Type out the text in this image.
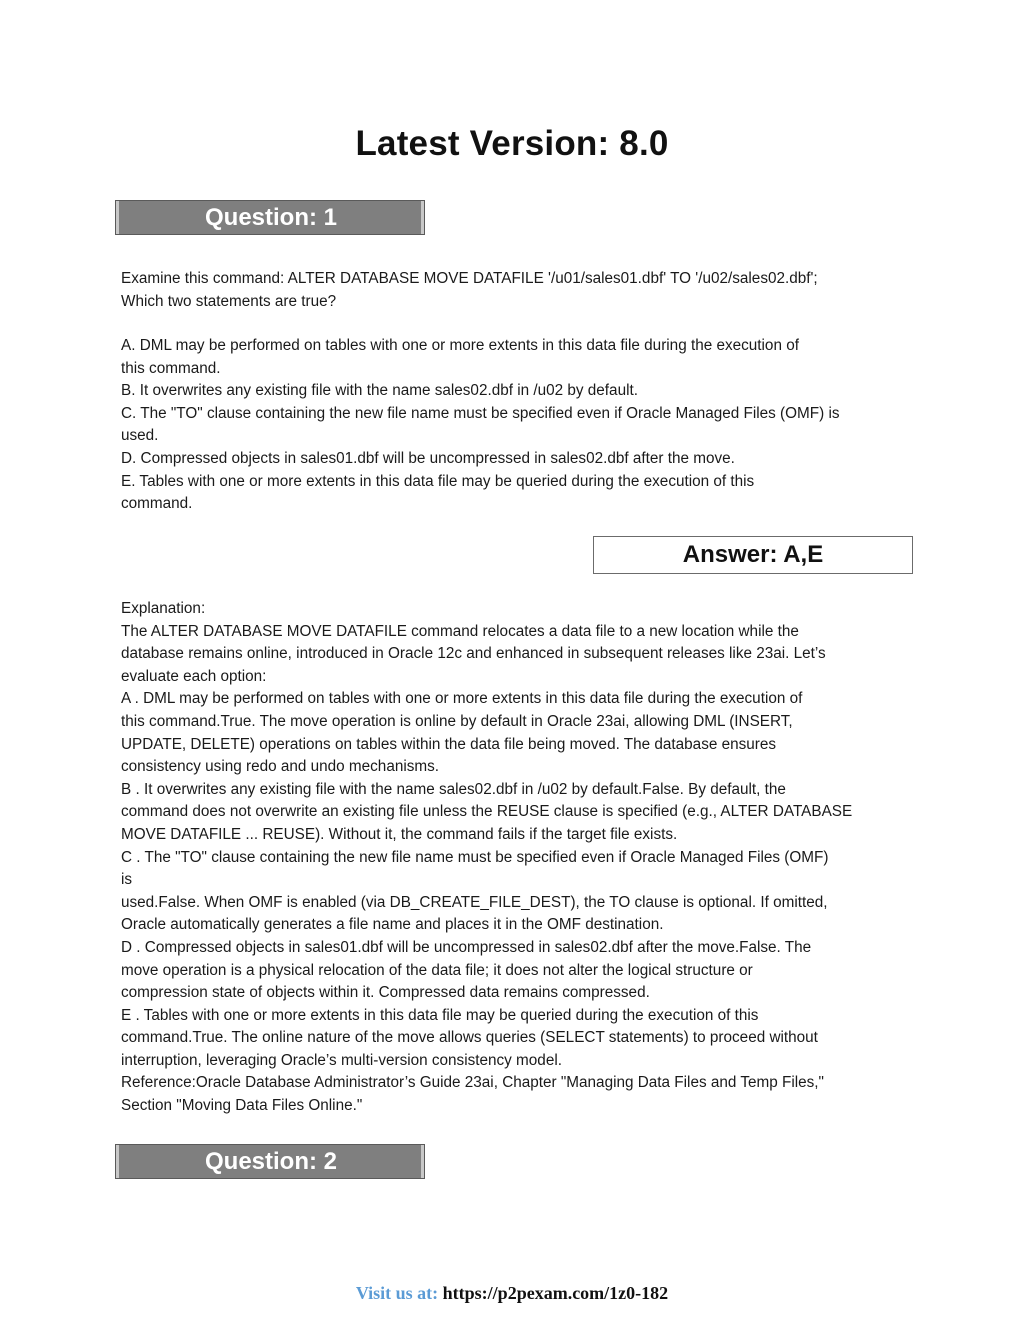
Latest Version: 8.0
Question: 1

Examine this command: ALTER DATABASE MOVE DATAFILE '/u01/sales01.dbf' TO '/u02/sales02.dbf';

Which two statements are true?

A. DML may be performed on tables with one or more extents in this data file during the execution of

this command.

B. It overwrites any existing file with the name sales02.dbf in /u02 by default.

C. The "TO" clause containing the new file name must be specified even if Oracle Managed Files (OMF) is

used.

D. Compressed objects in sales01.dbf will be uncompressed in sales02.dbf after the move.

E. Tables with one or more extents in this data file may be queried during the execution of this

command.

Answer: A,E

Explanation:

The ALTER DATABASE MOVE DATAFILE command relocates a data file to a new location while the

database remains online, introduced in Oracle 12c and enhanced in subsequent releases like 23ai. Let’s

evaluate each option:

A . DML may be performed on tables with one or more extents in this data file during the execution of

this command.True. The move operation is online by default in Oracle 23ai, allowing DML (INSERT,

UPDATE, DELETE) operations on tables within the data file being moved. The database ensures

consistency using redo and undo mechanisms.

B . It overwrites any existing file with the name sales02.dbf in /u02 by default.False. By default, the

command does not overwrite an existing file unless the REUSE clause is specified (e.g., ALTER DATABASE

MOVE DATAFILE ... REUSE). Without it, the command fails if the target file exists.

C . The "TO" clause containing the new file name must be specified even if Oracle Managed Files (OMF)

is

used.False. When OMF is enabled (via DB_CREATE_FILE_DEST), the TO clause is optional. If omitted,

Oracle automatically generates a file name and places it in the OMF destination.

D . Compressed objects in sales01.dbf will be uncompressed in sales02.dbf after the move.False. The

move operation is a physical relocation of the data file; it does not alter the logical structure or

compression state of objects within it. Compressed data remains compressed.

E . Tables with one or more extents in this data file may be queried during the execution of this

command.True. The online nature of the move allows queries (SELECT statements) to proceed without

interruption, leveraging Oracle’s multi-version consistency model.

Reference:Oracle Database Administrator’s Guide 23ai, Chapter "Managing Data Files and Temp Files,"

Section "Moving Data Files Online."

Question: 2
Visit us at: https://p2pexam.com/1z0-182
